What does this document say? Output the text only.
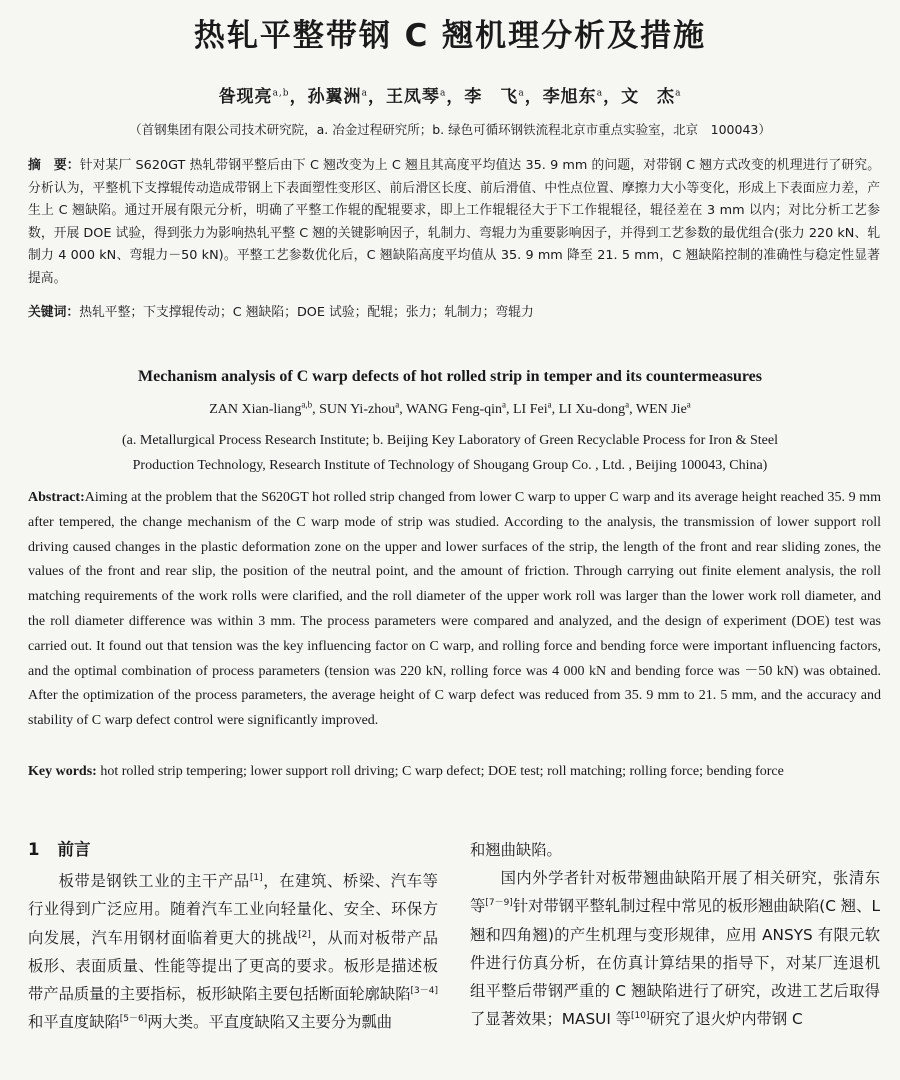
热轧平整带钢 C 翘机理分析及措施
昝现亮$^{a,b}$，孙翼洲$^a$，王凤琴$^a$，李　飞$^a$，李旭东$^a$，文　杰$^a$
（首钢集团有限公司技术研究院，a. 冶金过程研究所；b. 绿色可循环钢铁流程北京市重点实验室，北京　100043）
摘　要：针对某厂 S620GT 热轧带钢平整后由下 C 翘改变为上 C 翘且其高度平均值达 35. 9 mm 的问题，对带钢 C 翘方式改变的机理进行了研究。分析认为，平整机下支撑辊传动造成带钢上下表面塑性变形区、前后滑区长度、前后滑值、中性点位置、摩擦力大小等变化，形成上下表面应力差，产生上 C 翘缺陷。通过开展有限元分析，明确了平整工作辊的配辊要求，即上工作辊辊径大于下工作辊辊径，辊径差在 3 mm 以内；对比分析工艺参数，开展 DOE 试验，得到张力为影响热轧平整 C 翘的关键影响因子，轧制力、弯辊力为重要影响因子，并得到工艺参数的最优组合(张力 220 kN、轧制力 4 000 kN、弯辊力－50 kN)。平整工艺参数优化后，C 翘缺陷高度平均值从 35. 9 mm 降至 21. 5 mm，C 翘缺陷控制的准确性与稳定性显著提高。
关键词：热轧平整；下支撑辊传动；C 翘缺陷；DOE 试验；配辊；张力；轧制力；弯辊力
Mechanism analysis of C warp defects of hot rolled strip in temper and its countermeasures
ZAN Xian-liang$^{a,b}$, SUN Yi-zhou$^a$, WANG Feng-qin$^a$, LI Fei$^a$, LI Xu-dong$^a$, WEN Jie$^a$
(a. Metallurgical Process Research Institute; b. Beijing Key Laboratory of Green Recyclable Process for Iron & Steel
Production Technology, Research Institute of Technology of Shougang Group Co. , Ltd. , Beijing 100043, China)
Abstract:Aiming at the problem that the S620GT hot rolled strip changed from lower C warp to upper C warp and its average height reached 35. 9 mm after tempered, the change mechanism of the C warp mode of strip was studied. According to the analysis, the transmission of lower support roll driving caused changes in the plastic deformation zone on the upper and lower surfaces of the strip, the length of the front and rear sliding zones, the values of the front and rear slip, the position of the neutral point, and the amount of friction. Through carrying out finite element analysis, the roll matching requirements of the work rolls were clarified, and the roll diameter of the upper work roll was larger than the lower work roll diameter, and the roll diameter difference was within 3 mm. The process parameters were compared and analyzed, and the design of experiment (DOE) test was carried out. It found out that tension was the key influencing factor on C warp, and rolling force and bending force were important influencing factors, and the optimal combination of process parameters (tension was 220 kN, rolling force was 4 000 kN and bending force was －50 kN) was obtained. After the optimization of the process parameters, the average height of C warp defect was reduced from 35. 9 mm to 21. 5 mm, and the accuracy and stability of C warp defect control were significantly improved.
Key words: hot rolled strip tempering; lower support roll driving; C warp defect; DOE test; roll matching; rolling force; bending force
1 前言

板带是钢铁工业的主干产品[1]，在建筑、桥梁、汽车等行业得到广泛应用。随着汽车工业向轻量化、安全、环保方向发展，汽车用钢材面临着更大的挑战[2]，从而对板带产品板形、表面质量、性能等提出了更高的要求。板形是描述板带产品质量的主要指标，板形缺陷主要包括断面轮廓缺陷[3－4]和平直度缺陷[5－6]两大类。平直度缺陷又主要分为瓢曲

和翘曲缺陷。

国内外学者针对板带翘曲缺陷开展了相关研究，张清东等[7－9]针对带钢平整轧制过程中常见的板形翘曲缺陷(C 翘、L 翘和四角翘)的产生机理与变形规律，应用 ANSYS 有限元软件进行仿真分析，在仿真计算结果的指导下，对某厂连退机组平整后带钢严重的 C 翘缺陷进行了研究，改进工艺后取得了显著效果；MASUI 等[10]研究了退火炉内带钢 C
